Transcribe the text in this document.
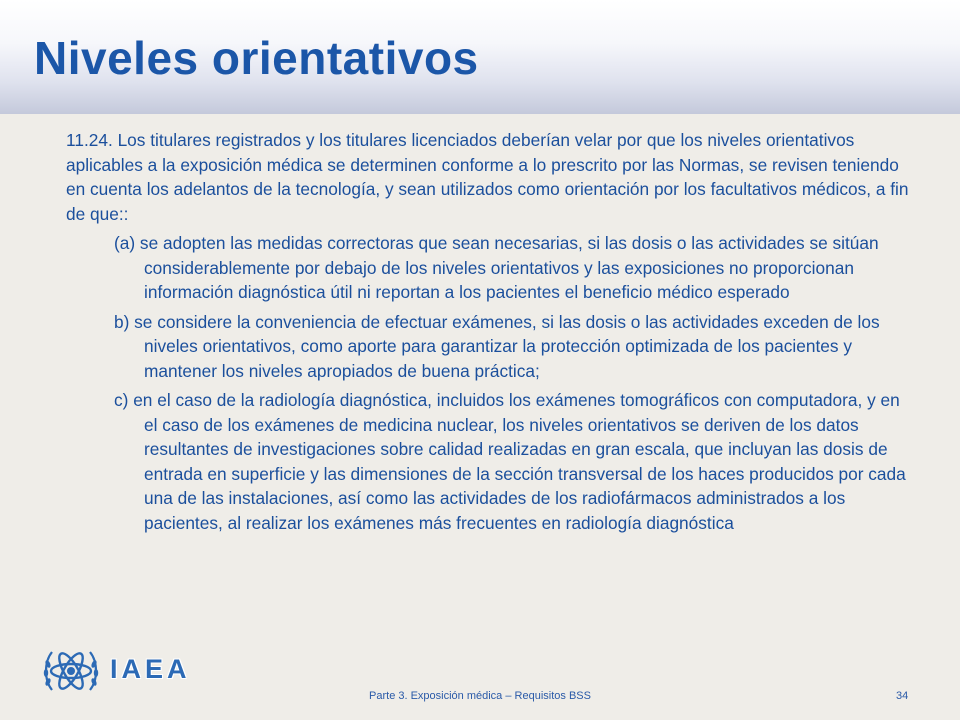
Niveles orientativos

11.24. Los titulares registrados y los titulares licenciados deberían velar por que los niveles orientativos aplicables a la exposición médica se determinen conforme a lo prescrito por las Normas, se revisen teniendo en cuenta los adelantos de la tecnología, y sean utilizados como orientación por los facultativos médicos, a fin de que::

(a) se adopten las medidas correctoras que sean necesarias, si las dosis o las actividades se sitúan considerablemente por debajo de los niveles orientativos y las exposiciones no proporcionan información diagnóstica útil ni reportan a los pacientes el beneficio médico esperado

b) se considere la conveniencia de efectuar exámenes, si las dosis o las actividades exceden de los niveles orientativos, como aporte para garantizar la protección optimizada de los pacientes y mantener los niveles apropiados de buena práctica;

c) en el caso de la radiología diagnóstica, incluidos los exámenes tomográficos con computadora, y en el caso de los exámenes de medicina nuclear, los niveles orientativos se deriven de los datos resultantes de investigaciones sobre calidad realizadas en gran escala, que incluyan las dosis de entrada en superficie y las dimensiones de la sección transversal de los haces producidos por cada una de las instalaciones, así como las actividades de los radiofármacos administrados a los pacientes, al realizar los exámenes más frecuentes en radiología diagnóstica

IAEA
Parte 3. Exposición médica – Requisitos BSS	34
